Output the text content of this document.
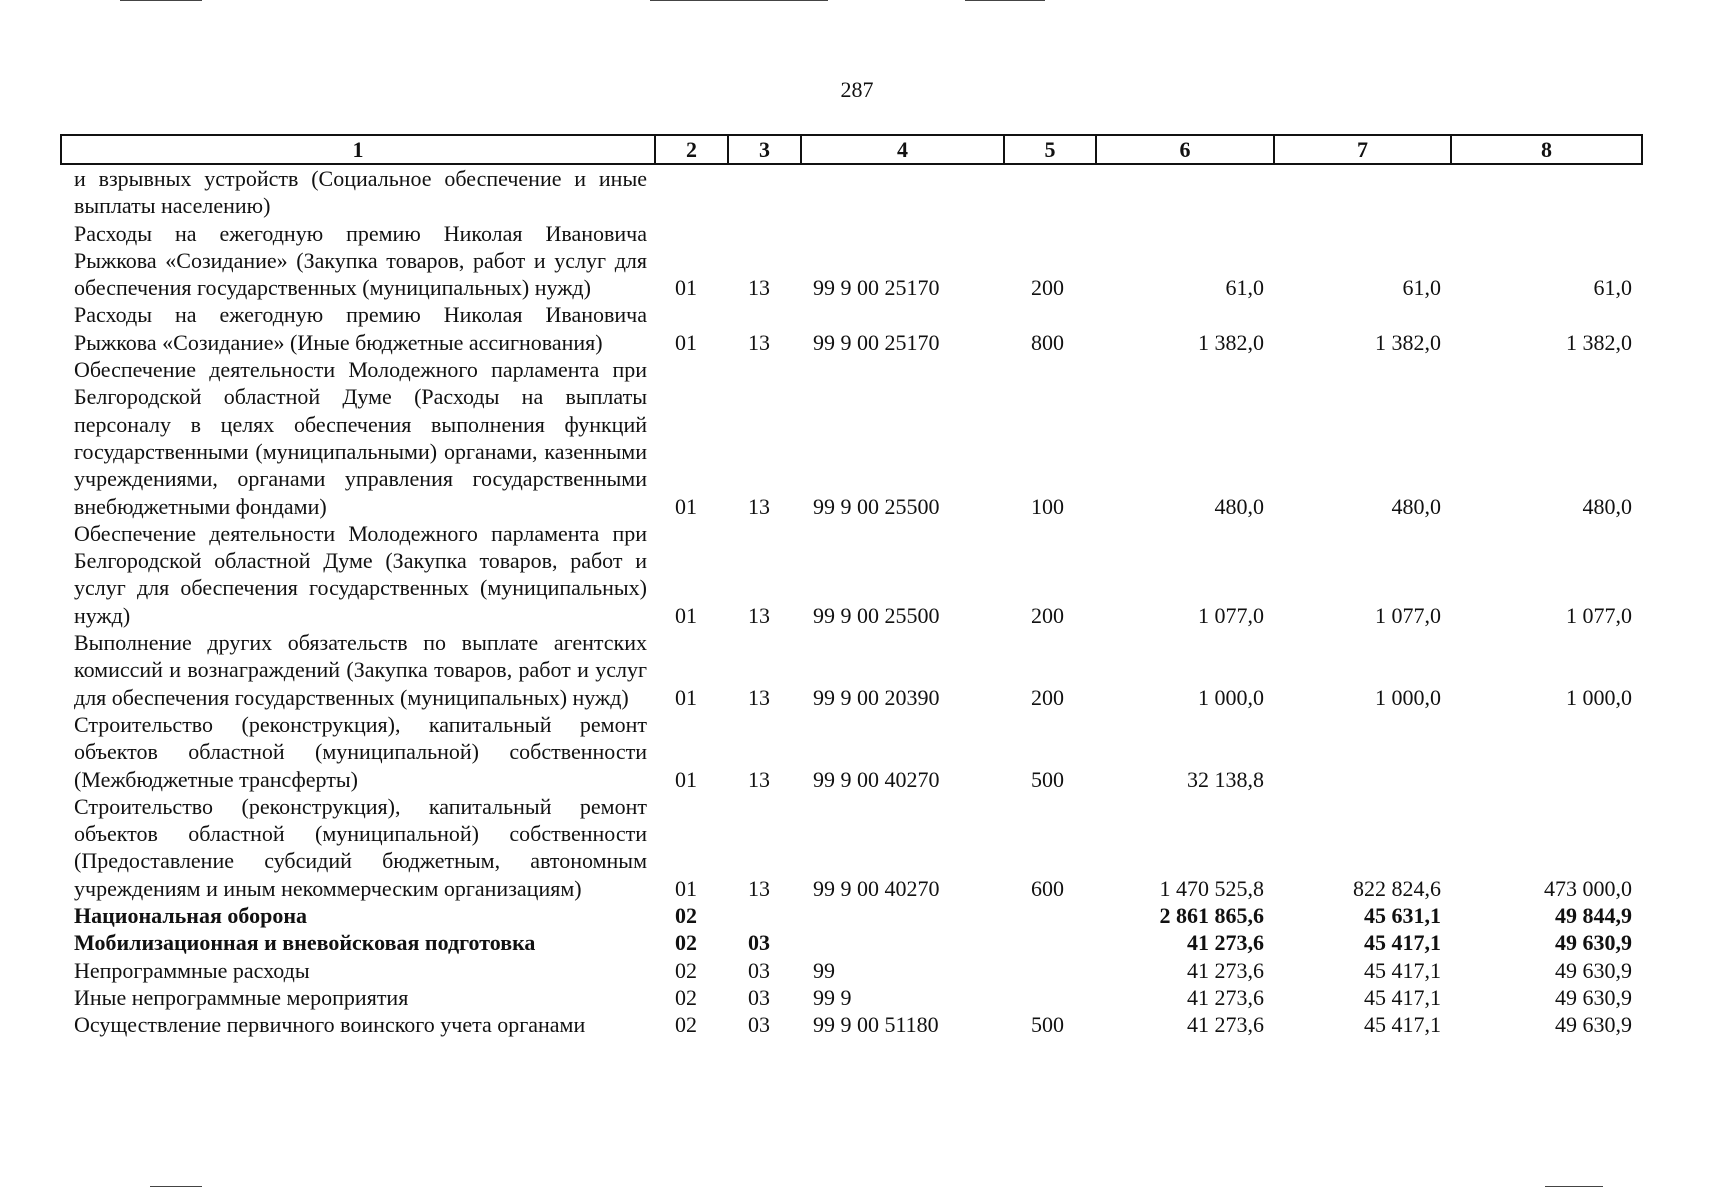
287
1	2	3	4	5	6	7	8
и взрывных устройств (Социальное обеспечение и иные выплаты населению)							
Расходы на ежегодную премию Николая Ивановича Рыжкова «Созидание» (Закупка товаров, работ и услуг для обеспечения государственных (муниципальных) нужд)	01	13	99 9 00 25170	200	61,0	61,0	61,0
Расходы на ежегодную премию Николая Ивановича Рыжкова «Созидание» (Иные бюджетные ассигнования)	01	13	99 9 00 25170	800	1 382,0	1 382,0	1 382,0
Обеспечение деятельности Молодежного парламента при Белгородской областной Думе (Расходы на выплаты персоналу в целях обеспечения выполнения функций государственными (муниципальными) органами, казенными учреждениями, органами управления государственными внебюджетными фондами)	01	13	99 9 00 25500	100	480,0	480,0	480,0
Обеспечение деятельности Молодежного парламента при Белгородской областной Думе (Закупка товаров, работ и услуг для обеспечения государственных (муниципальных) нужд)	01	13	99 9 00 25500	200	1 077,0	1 077,0	1 077,0
Выполнение других обязательств по выплате агентских комиссий и вознаграждений (Закупка товаров, работ и услуг для обеспечения государственных (муниципальных) нужд)	01	13	99 9 00 20390	200	1 000,0	1 000,0	1 000,0
Строительство (реконструкция), капитальный ремонт объектов областной (муниципальной) собственности (Межбюджетные трансферты)	01	13	99 9 00 40270	500	32 138,8		
Строительство (реконструкция), капитальный ремонт объектов областной (муниципальной) собственности (Предоставление субсидий бюджетным, автономным учреждениям и иным некоммерческим организациям)	01	13	99 9 00 40270	600	1 470 525,8	822 824,6	473 000,0
Национальная оборона	02				2 861 865,6	45 631,1	49 844,9
Мобилизационная и вневойсковая подготовка	02	03			41 273,6	45 417,1	49 630,9
Непрограммные расходы	02	03	99		41 273,6	45 417,1	49 630,9
Иные непрограммные мероприятия	02	03	99 9		41 273,6	45 417,1	49 630,9
Осуществление первичного воинского учета органами	02	03	99 9 00 51180	500	41 273,6	45 417,1	49 630,9
